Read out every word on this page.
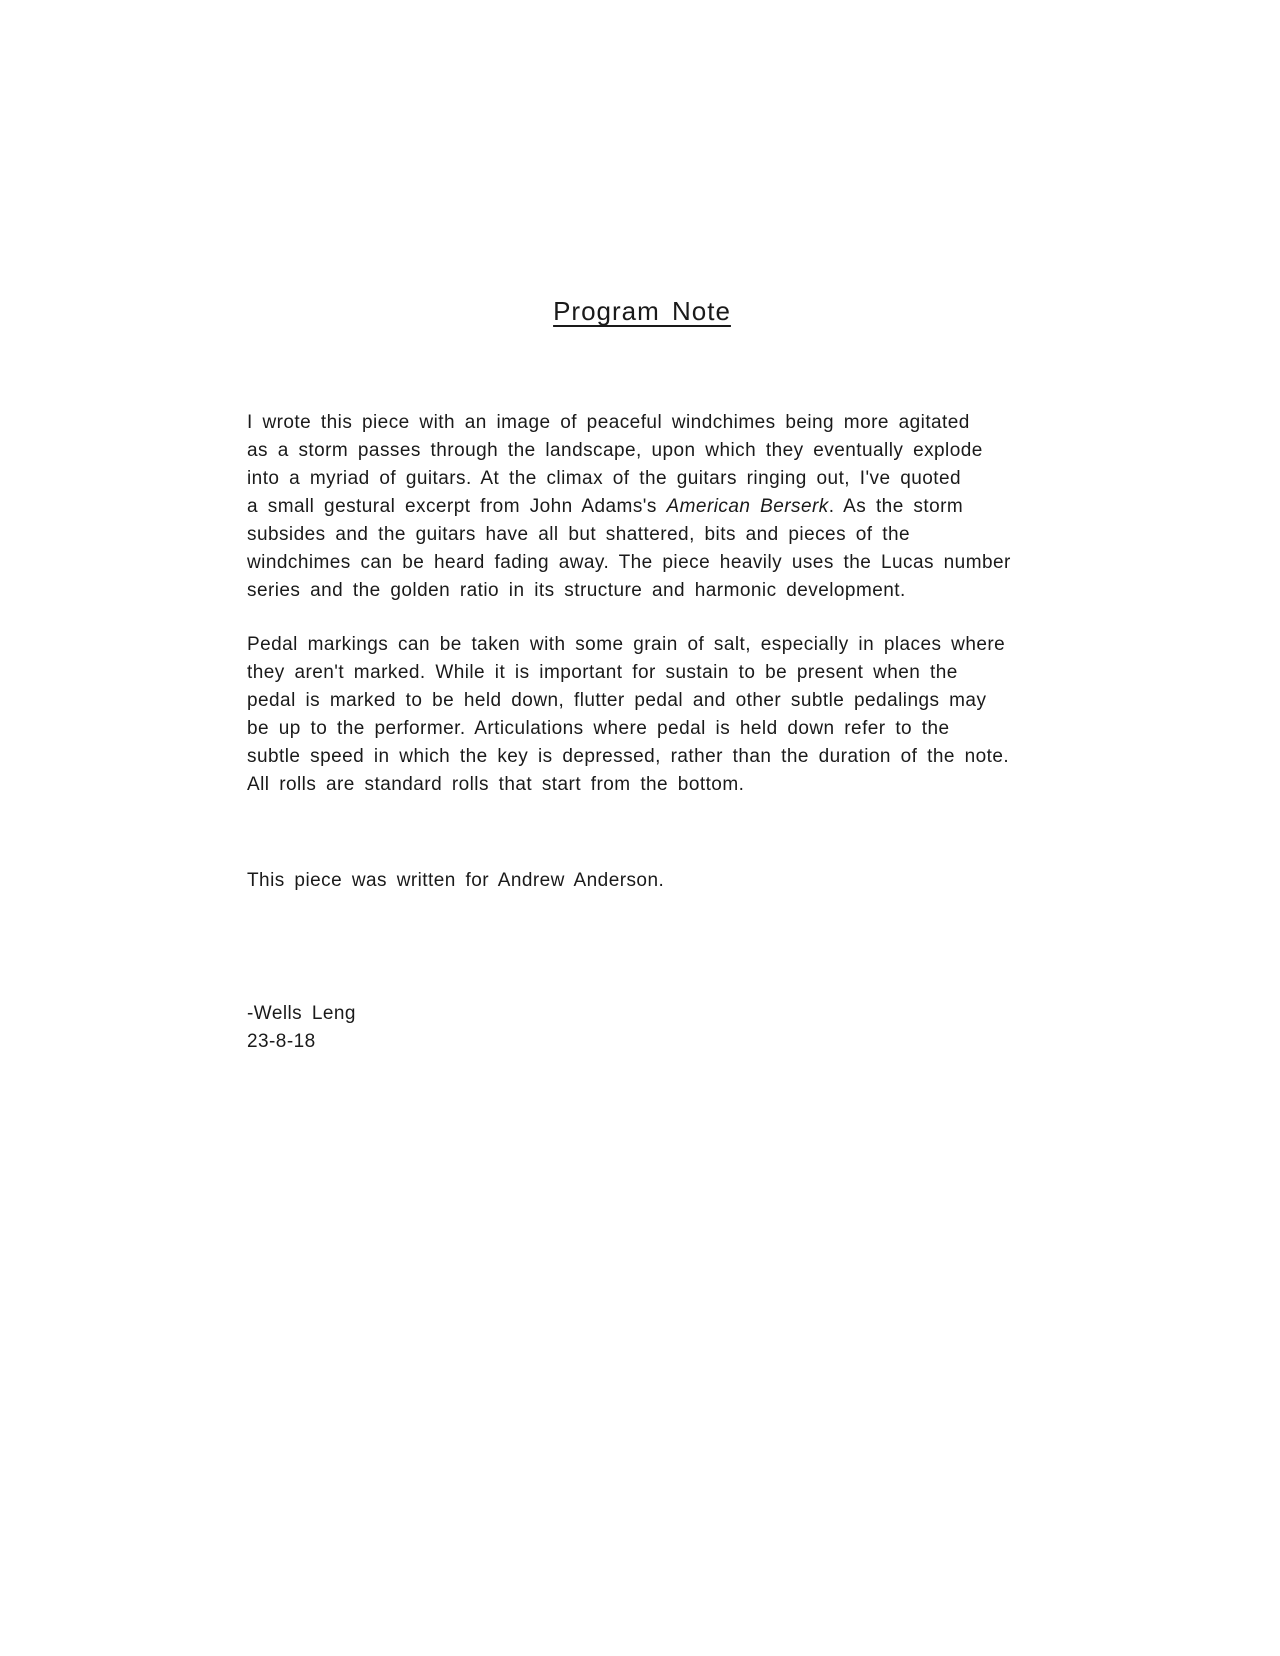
Program Note
I wrote this piece with an image of peaceful windchimes being more agitated
as a storm passes through the landscape, upon which they eventually explode
into a myriad of guitars. At the climax of the guitars ringing out, I've quoted
a small gestural excerpt from John Adams's American Berserk. As the storm
subsides and the guitars have all but shattered, bits and pieces of the
windchimes can be heard fading away. The piece heavily uses the Lucas number
series and the golden ratio in its structure and harmonic development.
Pedal markings can be taken with some grain of salt, especially in places where
they aren't marked. While it is important for sustain to be present when the
pedal is marked to be held down, flutter pedal and other subtle pedalings may
be up to the performer. Articulations where pedal is held down refer to the
subtle speed in which the key is depressed, rather than the duration of the note.
All rolls are standard rolls that start from the bottom.
This piece was written for Andrew Anderson.
-Wells Leng
23-8-18
